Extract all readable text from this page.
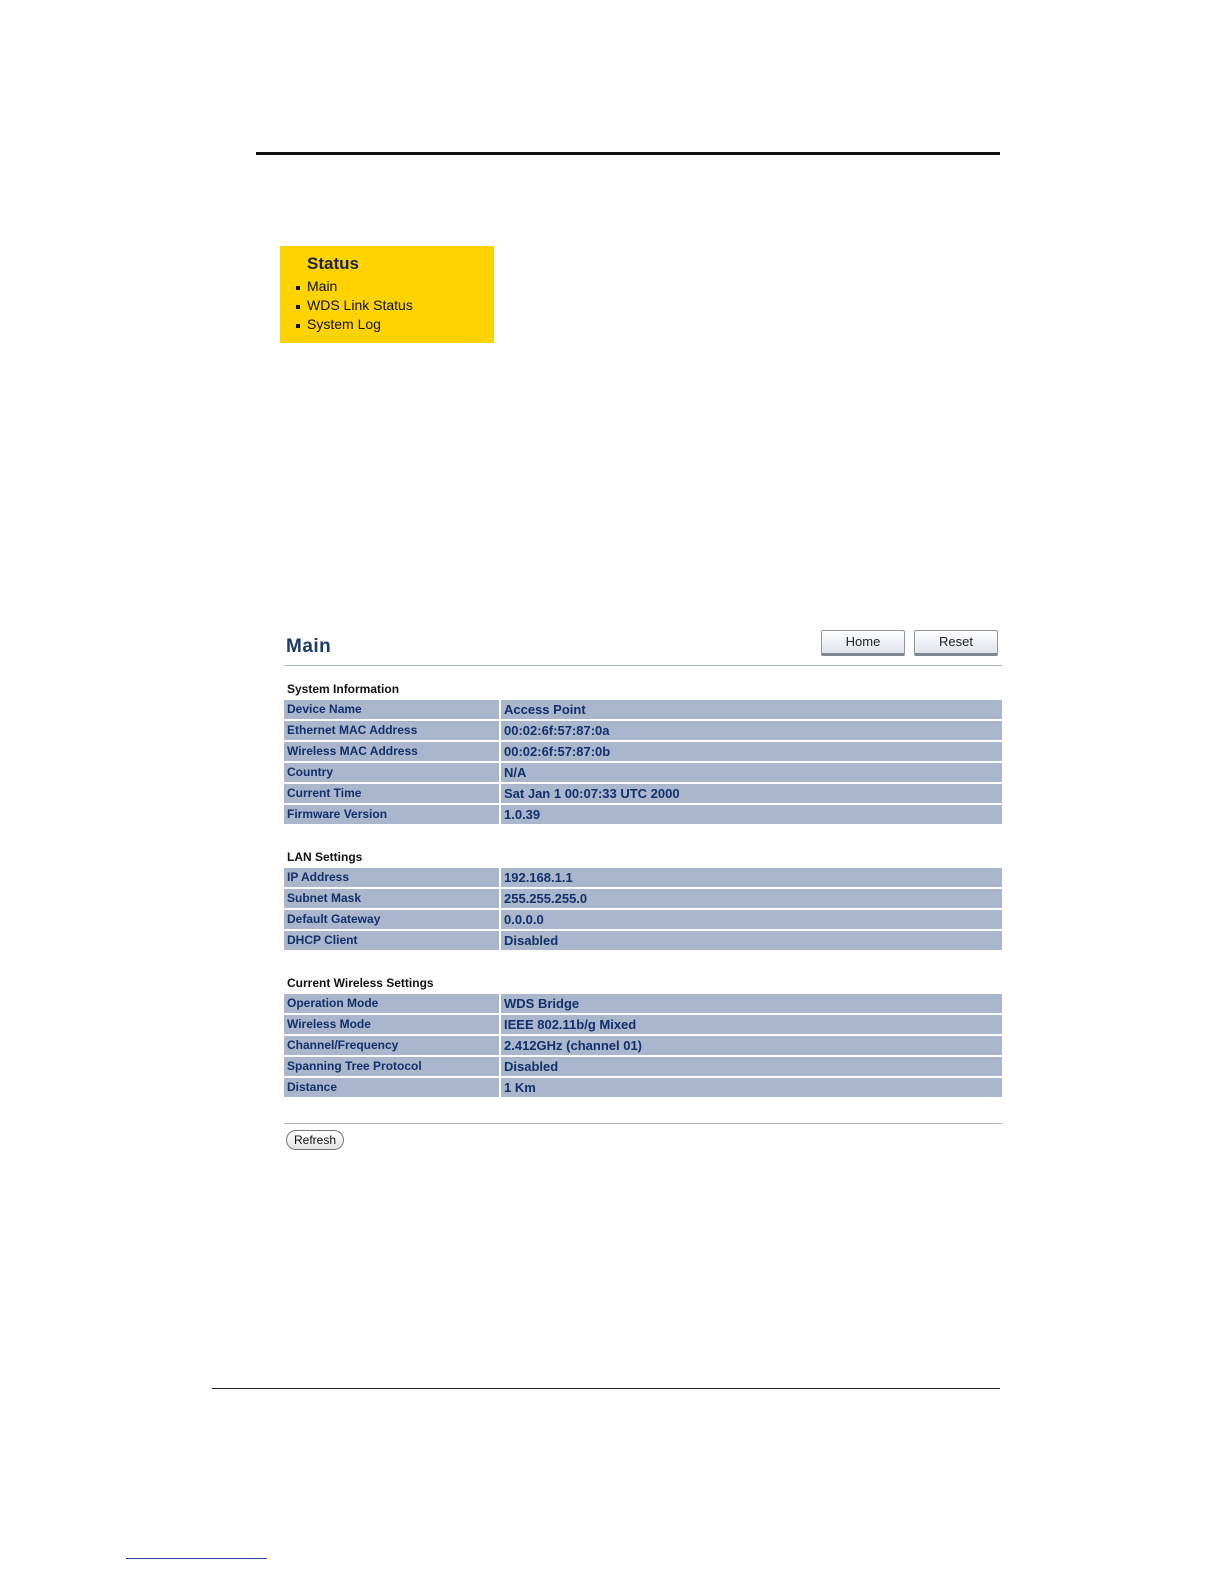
Status
Main
WDS Link Status
System Log
Main	Home	Reset
System Information
Device Name	Access Point
Ethernet MAC Address	00:02:6f:57:87:0a
Wireless MAC Address	00:02:6f:57:87:0b
Country	N/A
Current Time	Sat Jan 1 00:07:33 UTC 2000
Firmware Version	1.0.39
LAN Settings
IP Address	192.168.1.1
Subnet Mask	255.255.255.0
Default Gateway	0.0.0.0
DHCP Client	Disabled
Current Wireless Settings
Operation Mode	WDS Bridge
Wireless Mode	IEEE 802.11b/g Mixed
Channel/Frequency	2.412GHz (channel 01)
Spanning Tree Protocol	Disabled
Distance	1 Km
Refresh
